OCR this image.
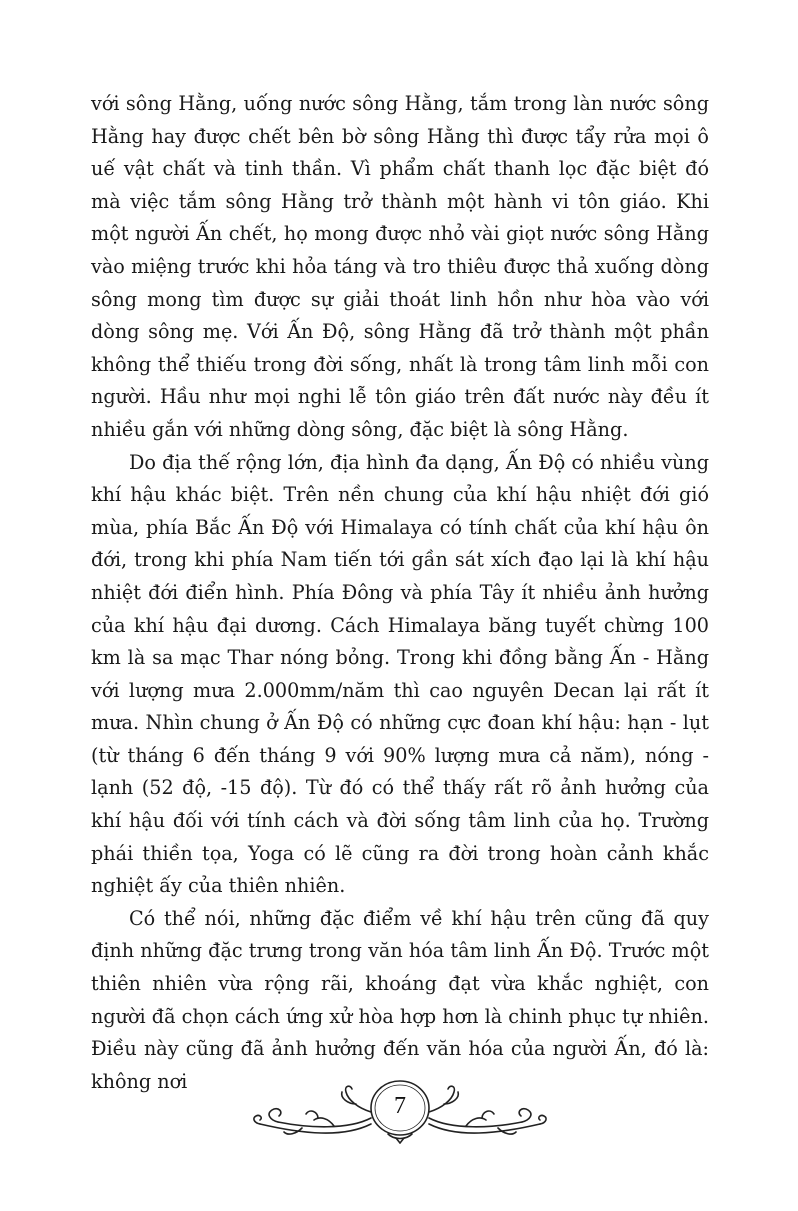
với sông Hằng, uống nước sông Hằng, tắm trong làn nước sông Hằng hay được chết bên bờ sông Hằng thì được tẩy rửa mọi ô uế vật chất và tinh thần. Vì phẩm chất thanh lọc đặc biệt đó mà việc tắm sông Hằng trở thành một hành vi tôn giáo. Khi một người Ấn chết, họ mong được nhỏ vài giọt nước sông Hằng vào miệng trước khi hỏa táng và tro thiêu được thả xuống dòng sông mong tìm được sự giải thoát linh hồn như hòa vào với dòng sông mẹ. Với Ấn Độ, sông Hằng đã trở thành một phần không thể thiếu trong đời sống, nhất là trong tâm linh mỗi con người. Hầu như mọi nghi lễ tôn giáo trên đất nước này đều ít nhiều gắn với những dòng sông, đặc biệt là sông Hằng.

Do địa thế rộng lớn, địa hình đa dạng, Ấn Độ có nhiều vùng khí hậu khác biệt. Trên nền chung của khí hậu nhiệt đới gió mùa, phía Bắc Ấn Độ với Himalaya có tính chất của khí hậu ôn đới, trong khi phía Nam tiến tới gần sát xích đạo lại là khí hậu nhiệt đới điển hình. Phía Đông và phía Tây ít nhiều ảnh hưởng của khí hậu đại dương. Cách Himalaya băng tuyết chừng 100 km là sa mạc Thar nóng bỏng. Trong khi đồng bằng Ấn - Hằng với lượng mưa 2.000mm/năm thì cao nguyên Decan lại rất ít mưa. Nhìn chung ở Ấn Độ có những cực đoan khí hậu: hạn - lụt (từ tháng 6 đến tháng 9 với 90% lượng mưa cả năm), nóng - lạnh (52 độ, -15 độ). Từ đó có thể thấy rất rõ ảnh hưởng của khí hậu đối với tính cách và đời sống tâm linh của họ. Trường phái thiền tọa, Yoga có lẽ cũng ra đời trong hoàn cảnh khắc nghiệt ấy của thiên nhiên.

Có thể nói, những đặc điểm về khí hậu trên cũng đã quy định những đặc trưng trong văn hóa tâm linh Ấn Độ. Trước một thiên nhiên vừa rộng rãi, khoáng đạt vừa khắc nghiệt, con người đã chọn cách ứng xử hòa hợp hơn là chinh phục tự nhiên. Điều này cũng đã ảnh hưởng đến văn hóa của người Ấn, đó là: không nơi

7
